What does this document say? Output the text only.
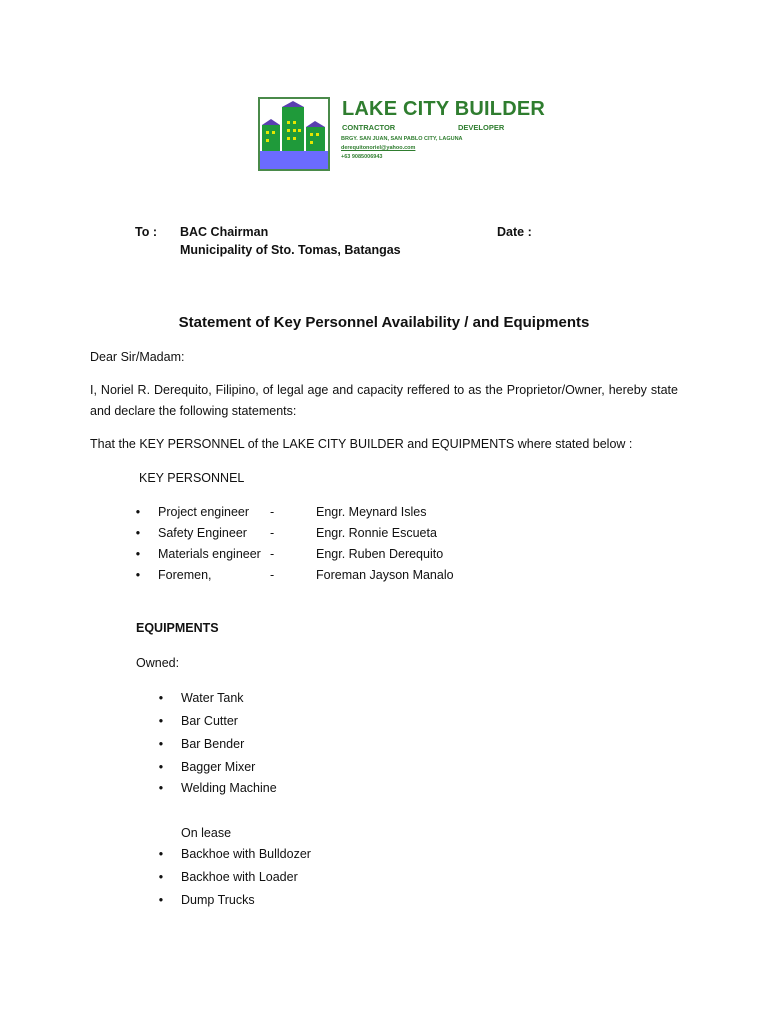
LAKE CITY BUILDER
CONTRACTOR	DEVELOPER
BRGY. SAN JUAN, SAN PABLO CITY, LAGUNA
derequitonoriel@yahoo.com
+63 9085006943
To : BAC Chairman
Municipality of Sto. Tomas, Batangas
Date :
Statement of Key Personnel Availability / and Equipments
Dear Sir/Madam:
I, Noriel R. Derequito, Filipino, of legal age and capacity reffered to as the Proprietor/Owner, hereby state and declare the following statements:
That the KEY PERSONNEL of the LAKE CITY BUILDER and EQUIPMENTS where stated below :
KEY PERSONNEL
• Project engineer -	Engr. Meynard Isles
• Safety Engineer -	Engr. Ronnie Escueta
• Materials engineer -	Engr. Ruben Derequito
• Foremen,	-	Foreman Jayson Manalo
EQUIPMENTS
Owned:
• Water Tank
• Bar Cutter
• Bar Bender
• Bagger Mixer
• Welding Machine
On lease
• Backhoe with Bulldozer
• Backhoe with Loader
• Dump Trucks
